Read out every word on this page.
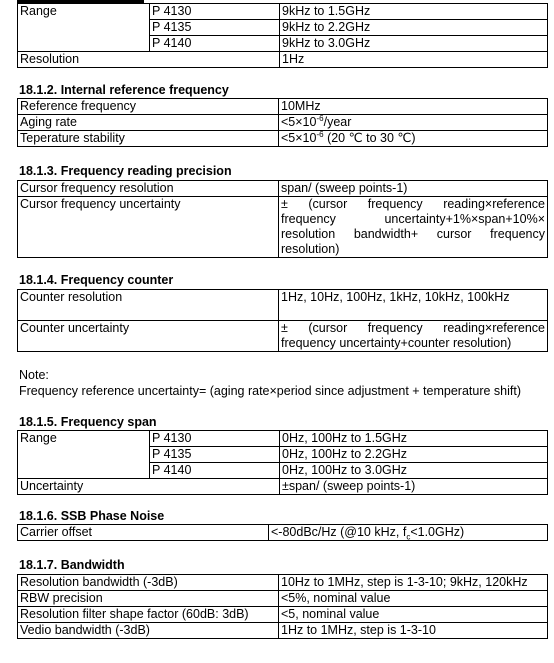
Range	P 4130	9kHz to 1.5GHz
	P 4135	9kHz to 2.2GHz
	P 4140	9kHz to 3.0GHz
Resolution		1Hz
18.1.2. Internal reference frequency
Reference frequency	10MHz
Aging rate	$<5\times 10^{-6}$/year
Teperature stability	$<5\times 10^{-6}$ (20 ℃ to 30 ℃)
18.1.3. Frequency reading precision
Cursor frequency resolution	span/ (sweep points-1)
Cursor frequency uncertainty	± (cursor frequency reading×reference frequency uncertainty+1%×span+10%× resolution bandwidth+ cursor frequency resolution)
18.1.4. Frequency counter
Counter resolution	1Hz, 10Hz, 100Hz, 1kHz, 10kHz, 100kHz
Counter uncertainty	± (cursor frequency reading×reference frequency uncertainty+counter resolution)
Note:
Frequency reference uncertainty= (aging rate×period since adjustment + temperature shift)
18.1.5. Frequency span
Range	P 4130	0Hz, 100Hz to 1.5GHz
	P 4135	0Hz, 100Hz to 2.2GHz
	P 4140	0Hz, 100Hz to 3.0GHz
Uncertainty		±span/ (sweep points-1)
18.1.6. SSB Phase Noise
Carrier offset	<-80dBc/Hz (@10 kHz, $f_c<1.0GHz$)
18.1.7. Bandwidth
Resolution bandwidth (-3dB)	10Hz to 1MHz, step is 1-3-10; 9kHz, 120kHz
RBW precision	<5%, nominal value
Resolution filter shape factor (60dB: 3dB)	<5, nominal value
Vedio bandwidth (-3dB)	1Hz to 1MHz, step is 1-3-10
